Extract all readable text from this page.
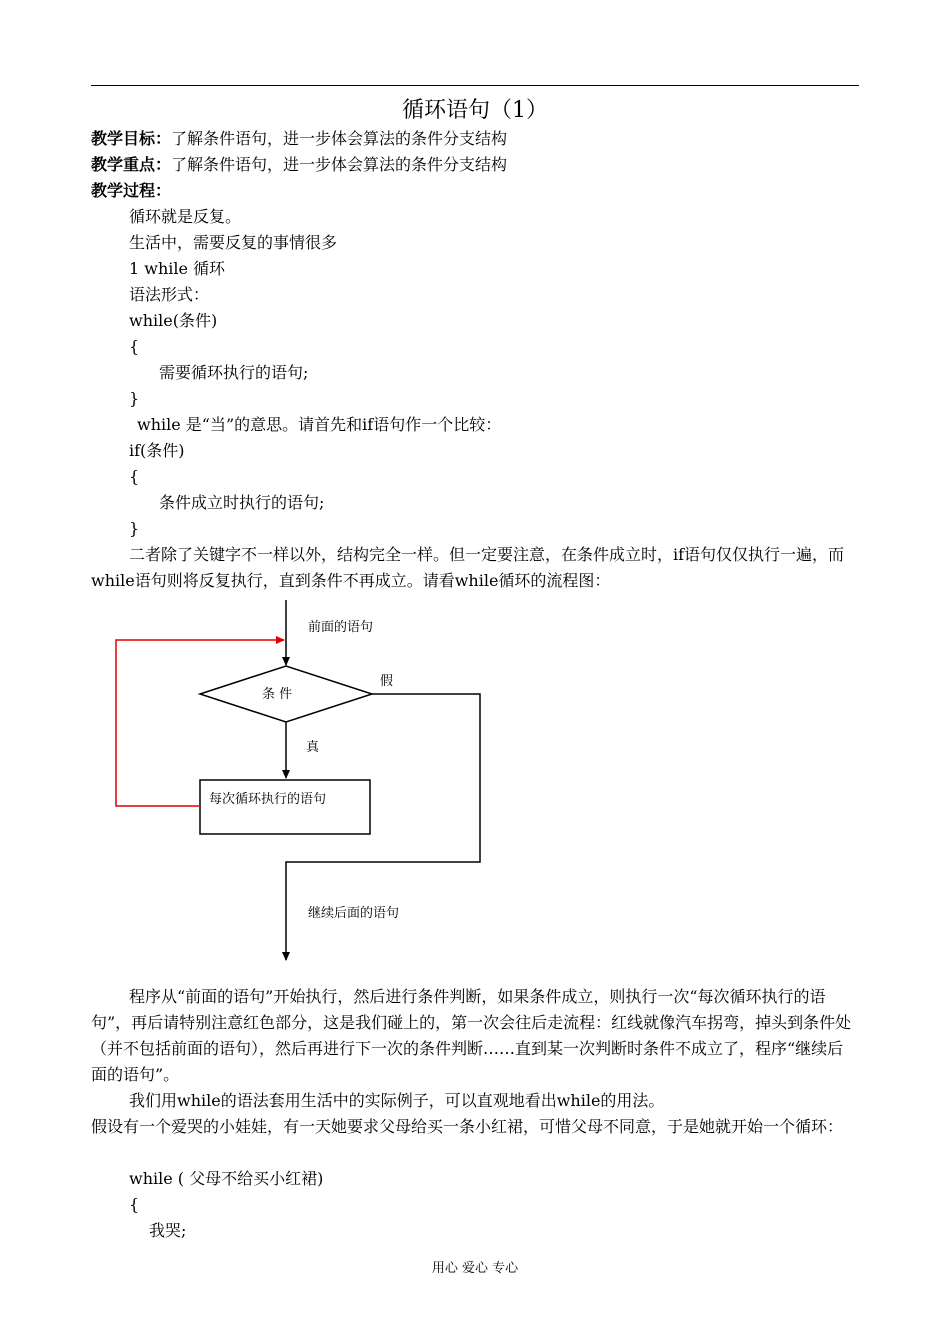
循环语句（1）
教学目标：了解条件语句，进一步体会算法的条件分支结构
教学重点：了解条件语句，进一步体会算法的条件分支结构
教学过程：
循环就是反复。
生活中，需要反复的事情很多
1 while 循环
语法形式：
while(条件)
{
需要循环执行的语句;
}
while 是“当”的意思。请首先和if语句作一个比较：
if(条件)
{
条件成立时执行的语句;
}
二者除了关键字不一样以外，结构完全一样。但一定要注意，在条件成立时，if语句仅仅执行一遍，而while语句则将反复执行，直到条件不再成立。请看while循环的流程图：
前面的语句
条 件
假
真
每次循环执行的语句
继续后面的语句
程序从“前面的语句”开始执行，然后进行条件判断，如果条件成立，则执行一次“每次循环执行的语句”，再后请特别注意红色部分，这是我们碰上的，第一次会往后走流程：红线就像汽车拐弯，掉头到条件处（并不包括前面的语句），然后再进行下一次的条件判断……直到某一次判断时条件不成立了，程序“继续后面的语句”。
我们用while的语法套用生活中的实际例子，可以直观地看出while的用法。
假设有一个爱哭的小娃娃，有一天她要求父母给买一条小红裙，可惜父母不同意，于是她就开始一个循环：
while ( 父母不给买小红裙)
{
我哭;
用心 爱心 专心
